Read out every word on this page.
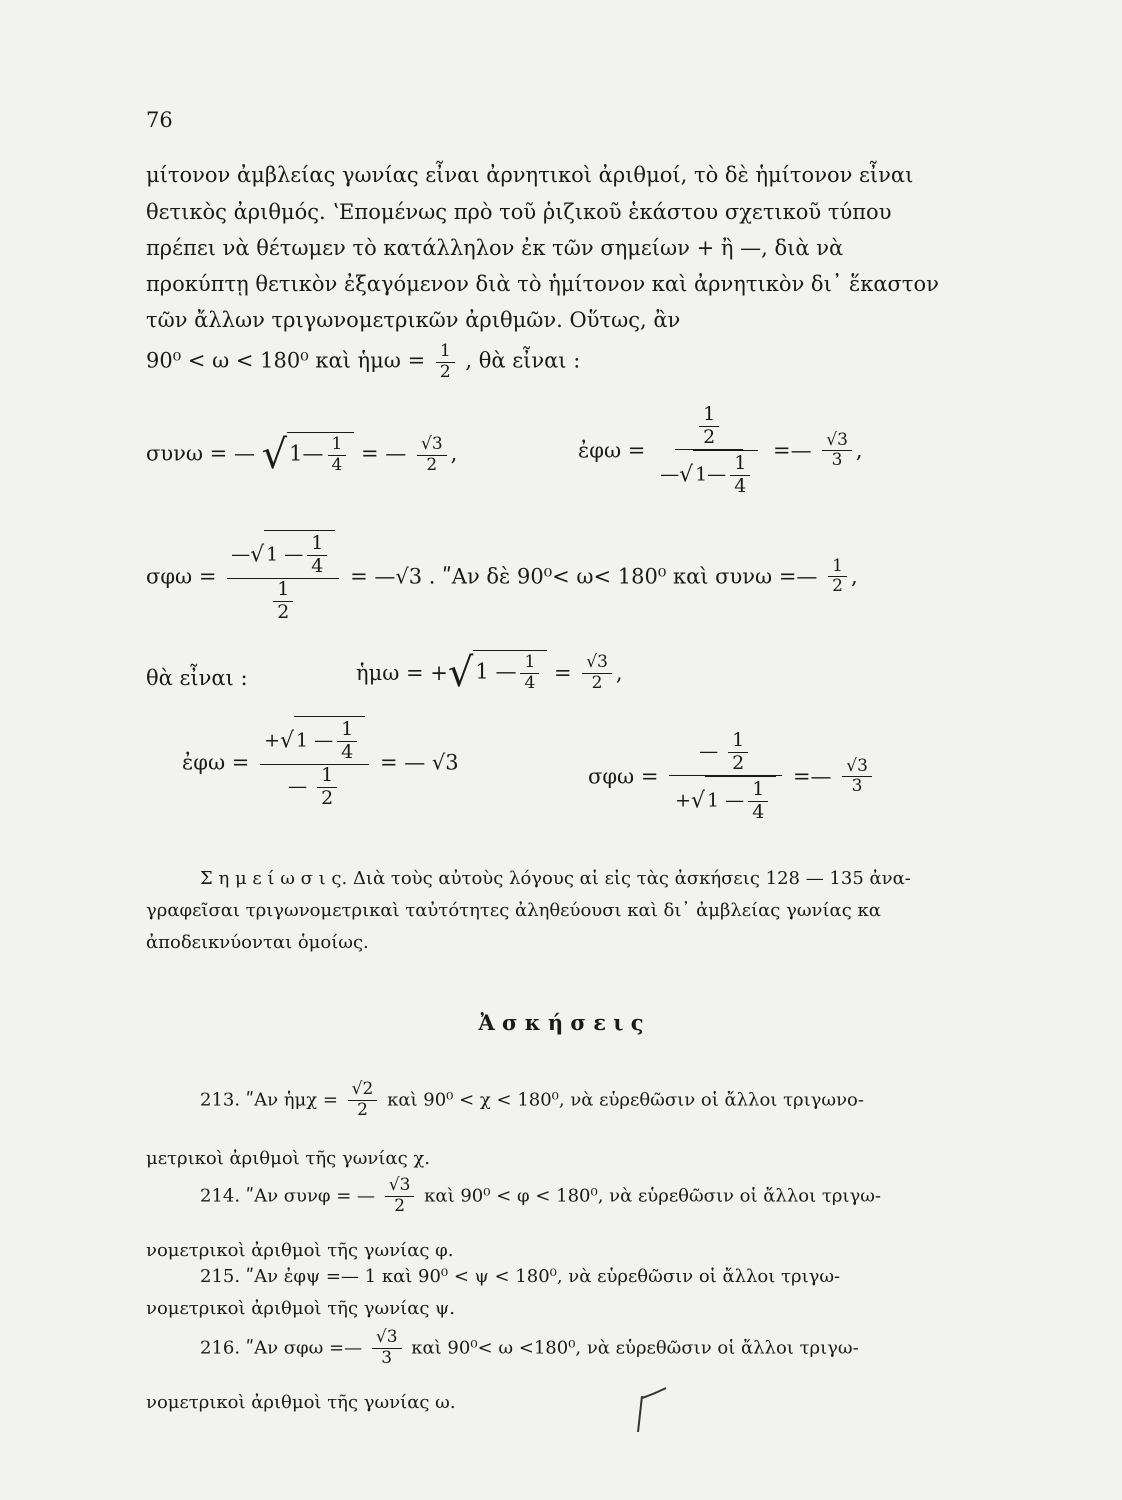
76
μίτονον ἀμβλείας γωνίας εἶναι ἀρνητικοὶ ἀριθμοί, τὸ δὲ ἡμίτονον εἶναι
θετικὸς ἀριθμός. ʽΕπομένως πρὸ τοῦ ῥιζικοῦ ἑκάστου σχετικοῦ τύπου
πρέπει νὰ θέτωμεν τὸ κατάλληλον ἐκ τῶν σημείων + ἢ —, διὰ νὰ
προκύπτῃ θετικὸν ἐξαγόμενον διὰ τὸ ἡμίτονον καὶ ἀρνητικὸν δι᾽ ἕκαστον
τῶν ἄλλων τριγωνομετρικῶν ἀριθμῶν. Οὕτως, ἂν
90⁰ < ω < 180⁰ καὶ ἡμω = $\frac{1}{2}$ , θὰ εἶναι :
συνω = — √1— $\frac{1}{4}$ = — $\frac{√3}{2}$ ,	ἐφω = $\frac{\frac{1}{2}}{—√ 1— \frac{1}{4}}$ =— $\frac{√3}{3}$ ,
$\sigma\varphi\omega = \frac{—√ 1 — \frac{1}{4}}{\frac{1}{2}}$ = —√3 . ʺΑν δὲ 90⁰< ω< 180⁰ καὶ συνω =— $\frac{1}{2}$ ,
θὰ εἶναι :	ἡμω = +√1 — $\frac{1}{4} = \frac{√3}{2}$ ,
ἐφω = $\frac{+√ 1 — \frac{1}{4}}{— \frac{1}{2}}$ = — √3
$\sigma\varphi\omega = \frac{— \frac{1}{2}}{+√ 1 — \frac{1}{4}}$ =— $\frac{√3}{3}$
Σ η μ ε ί ω σ ι ς. Διὰ τοὺς αὐτοὺς λόγους αἱ εἰς τὰς ἀσκήσεις 128 — 135 ἀνα-
γραφεῖσαι τριγωνομετρικαὶ ταὐτότητες ἀληθεύουσι καὶ δι᾽ ἀμβλείας γωνίας κα
ἀποδεικνύονται ὁμοίως.
Ἀ σ κ ή σ ε ι ς
213. ʺΑν ἡμχ = $\frac{√2}{2}$ καὶ 90⁰ < χ < 180⁰, νὰ εὑρεθῶσιν οἱ ἄλλοι τριγωνο-
μετρικοὶ ἀριθμοὶ τῆς γωνίας χ.
214. ʺΑν συνφ = — $\frac{√3}{2}$ καὶ 90⁰ < φ < 180⁰, νὰ εὑρεθῶσιν οἱ ἄλλοι τριγω-
νομετρικοὶ ἀριθμοὶ τῆς γωνίας φ.
215. ʺΑν ἐφψ =— 1 καὶ 90⁰ < ψ < 180⁰, νὰ εὑρεθῶσιν οἱ ἄλλοι τριγω-
νομετρικοὶ ἀριθμοὶ τῆς γωνίας ψ.
216. ʺΑν σφω =— $\frac{√3}{3}$ καὶ 90⁰< ω <180⁰, νὰ εὑρεθῶσιν οἱ ἄλλοι τριγω-
νομετρικοὶ ἀριθμοὶ τῆς γωνίας ω.
